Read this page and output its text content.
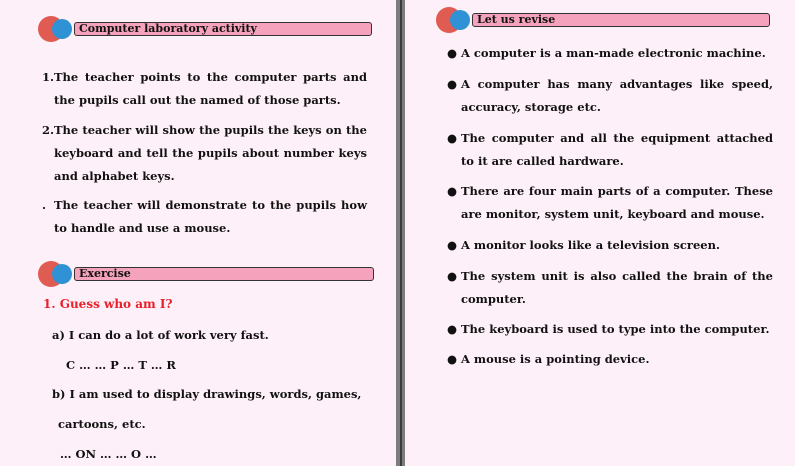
Computer laboratory activity
1. The teacher points to the computer parts and the pupils call out the named of those parts.
2. The teacher will show the pupils the keys on the keyboard and tell the pupils about number keys and alphabet keys.
. The teacher will demonstrate to the pupils how to handle and use a mouse.
Exercise
1. Guess who am I?
a) I can do a lot of work very fast.
C … … P … T … R
b) I am used to display drawings, words, games,
cartoons, etc.
… ON … … O …
Let us revise
● A computer is a man-made electronic machine.
● A computer has many advantages like speed, accuracy, storage etc.
● The computer and all the equipment attached to it are called hardware.
● There are four main parts of a computer. These are monitor, system unit, keyboard and mouse.
● A monitor looks like a television screen.
● The system unit is also called the brain of the computer.
● The keyboard is used to type into the computer.
● A mouse is a pointing device.
